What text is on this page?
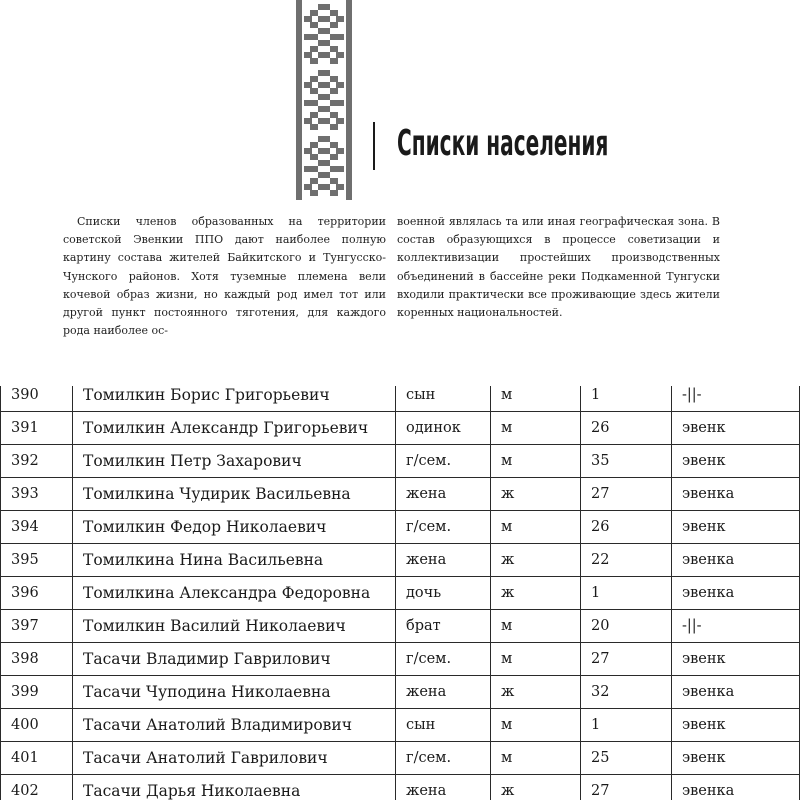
Списки населения
Списки членов образованных на территории советской Эвенкии ППО дают наиболее полную картину состава жителей Байкитского и Тунгусско-Чунского районов. Хотя туземные племена вели кочевой образ жизни, но каждый род имел тот или другой пункт постоянного тяготения, для каждого рода наиболее ос-
военной являлась та или иная географическая зона. В состав образующихся в процессе советизации и коллективизации простейших производственных объединений в бассейне реки Подкаменной Тунгуски входили практически все проживающие здесь жители коренных национальностей.
390	Томилкин Борис Григорьевич	сын	м	1	-||-
391	Томилкин Александр Григорьевич	одинок	м	26	эвенк
392	Томилкин Петр Захарович	г/сем.	м	35	эвенк
393	Томилкина Чудирик Васильевна	жена	ж	27	эвенка
394	Томилкин Федор Николаевич	г/сем.	м	26	эвенк
395	Томилкина Нина Васильевна	жена	ж	22	эвенка
396	Томилкина Александра Федоровна	дочь	ж	1	эвенка
397	Томилкин Василий Николаевич	брат	м	20	-||-
398	Тасачи Владимир Гаврилович	г/сем.	м	27	эвенк
399	Тасачи Чуподина Николаевна	жена	ж	32	эвенка
400	Тасачи Анатолий Владимирович	сын	м	1	эвенк
401	Тасачи Анатолий Гаврилович	г/сем.	м	25	эвенк
402	Тасачи Дарья Николаевна	жена	ж	27	эвенка
